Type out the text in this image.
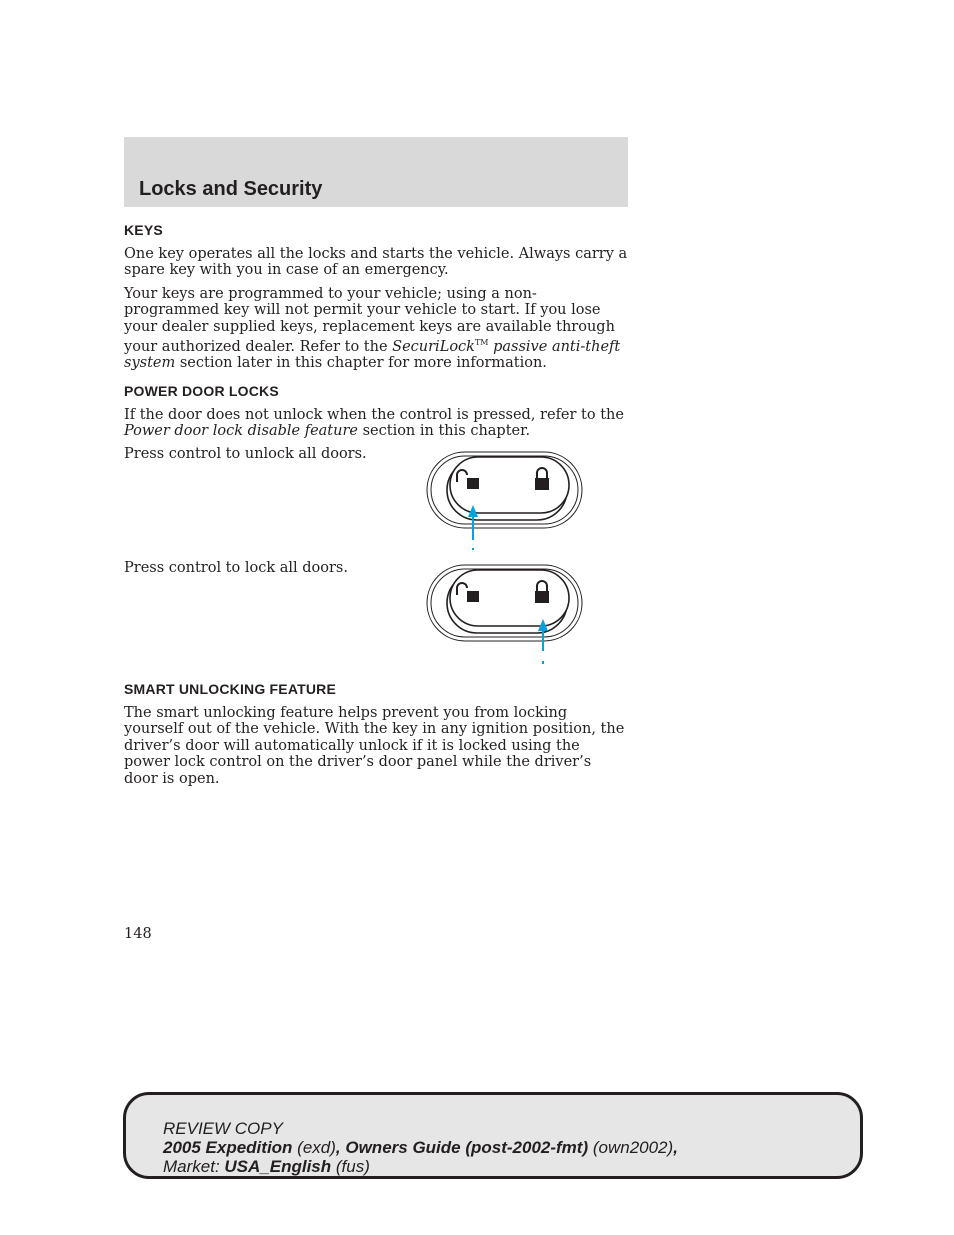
Locks and Security
KEYS

One key operates all the locks and starts the vehicle. Always carry a spare key with you in case of an emergency.

Your keys are programmed to your vehicle; using a non-programmed key will not permit your vehicle to start. If you lose your dealer supplied keys, replacement keys are available through your authorized dealer. Refer to the SecuriLock™ passive anti-theft system section later in this chapter for more information.

POWER DOOR LOCKS

If the door does not unlock when the control is pressed, refer to the Power door lock disable feature section in this chapter.

Press control to unlock all doors.

Press control to lock all doors.

SMART UNLOCKING FEATURE

The smart unlocking feature helps prevent you from locking yourself out of the vehicle. With the key in any ignition position, the driver’s door will automatically unlock if it is locked using the power lock control on the driver’s door panel while the driver’s door is open.

148
REVIEW COPY
2005 Expedition (exd), Owners Guide (post-2002-fmt) (own2002),
Market: USA_English (fus)
